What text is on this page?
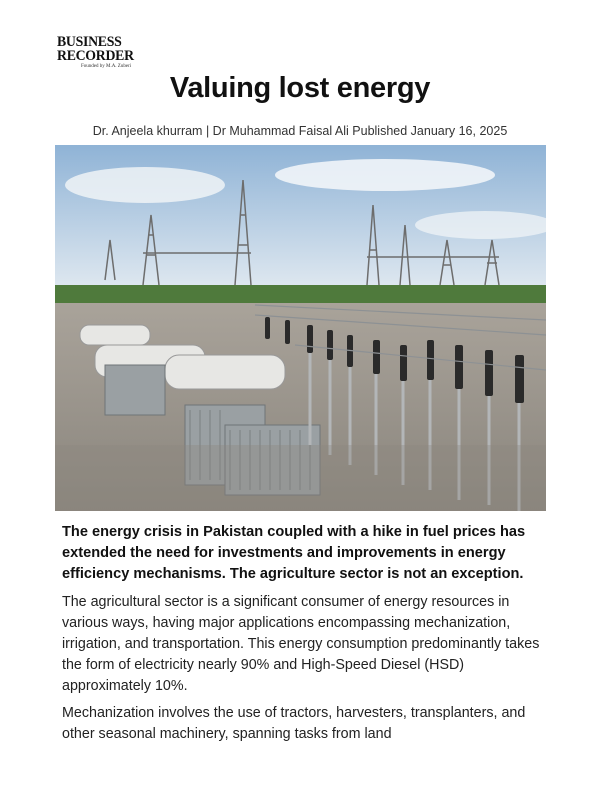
BUSINESS
RECORDER
Founded by M.A. Zuberi
Valuing lost energy
Dr. Anjeela khurram | Dr Muhammad Faisal Ali Published January 16, 2025

The energy crisis in Pakistan coupled with a hike in fuel prices has extended the need for investments and improvements in energy efficiency mechanisms. The agriculture sector is not an exception.

The agricultural sector is a significant consumer of energy resources in various ways, having major applications encompassing mechanization, irrigation, and transportation. This energy consumption predominantly takes the form of electricity nearly 90% and High-Speed Diesel (HSD) approximately 10%.

Mechanization involves the use of tractors, harvesters, transplanters, and other seasonal machinery, spanning tasks from land
